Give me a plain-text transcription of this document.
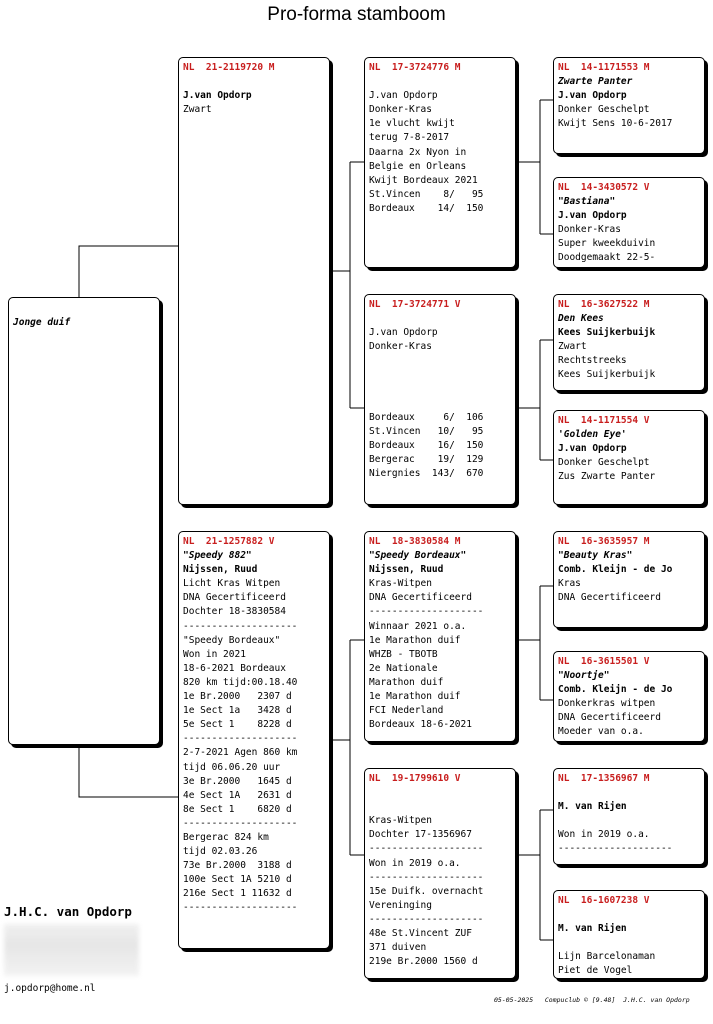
Pro-forma stamboom
Jonge duif
NL  21-2119720 M
J.van Opdorp
Zwart
NL  21-1257882 V
"Speedy 882"
Nijssen, Ruud
Licht Kras Witpen
DNA Gecertificeerd
Dochter 18-3830584
--------------------
"Speedy Bordeaux"
Won in 2021
18-6-2021 Bordeaux
820 km tijd:00.18.40
1e Br.2000   2307 d
1e Sect 1a   3428 d
5e Sect 1    8228 d
--------------------
2-7-2021 Agen 860 km
tijd 06.06.20 uur
3e Br.2000   1645 d
4e Sect 1A   2631 d
8e Sect 1    6820 d
--------------------
Bergerac 824 km
tijd 02.03.26
73e Br.2000  3188 d
100e Sect 1A 5210 d
216e Sect 1 11632 d
--------------------
NL  17-3724776 M
J.van Opdorp
Donker-Kras
1e vlucht kwijt
terug 7-8-2017
Daarna 2x Nyon in
Belgie en Orleans
Kwijt Bordeaux 2021
St.Vincen    8/   95
Bordeaux    14/  150
NL  17-3724771 V
J.van Opdorp
Donker-Kras
Bordeaux     6/  106
St.Vincen   10/   95
Bordeaux    16/  150
Bergerac    19/  129
Niergnies  143/  670
NL  18-3830584 M
"Speedy Bordeaux"
Nijssen, Ruud
Kras-Witpen
DNA Gecertificeerd
--------------------
Winnaar 2021 o.a.
1e Marathon duif
WHZB - TBOTB
2e Nationale
Marathon duif
1e Marathon duif
FCI Nederland
Bordeaux 18-6-2021
NL  19-1799610 V
Kras-Witpen
Dochter 17-1356967
--------------------
Won in 2019 o.a.
--------------------
15e Duifk. overnacht
Vereninging
--------------------
48e St.Vincent ZUF
371 duiven
219e Br.2000 1560 d
NL  14-1171553 M
Zwarte Panter
J.van Opdorp
Donker Geschelpt
Kwijt Sens 10-6-2017
NL  14-3430572 V
"Bastiana"
J.van Opdorp
Donker-Kras
Super kweekduivin
Doodgemaakt 22-5-
NL  16-3627522 M
Den Kees
Kees Suijkerbuijk
Zwart
Rechtstreeks
Kees Suijkerbuijk
NL  14-1171554 V
'Golden Eye'
J.van Opdorp
Donker Geschelpt
Zus Zwarte Panter
NL  16-3635957 M
"Beauty Kras"
Comb. Kleijn - de Jo
Kras
DNA Gecertificeerd
NL  16-3615501 V
"Noortje"
Comb. Kleijn - de Jo
Donkerkras witpen
DNA Gecertificeerd
Moeder van o.a.
NL  17-1356967 M
M. van Rijen
Won in 2019 o.a.
--------------------
NL  16-1607238 V
M. van Rijen
Lijn Barcelonaman
Piet de Vogel
J.H.C. van Opdorp
j.opdorp@home.nl
05-05-2025   Compuclub © [9.48]  J.H.C. van Opdorp
